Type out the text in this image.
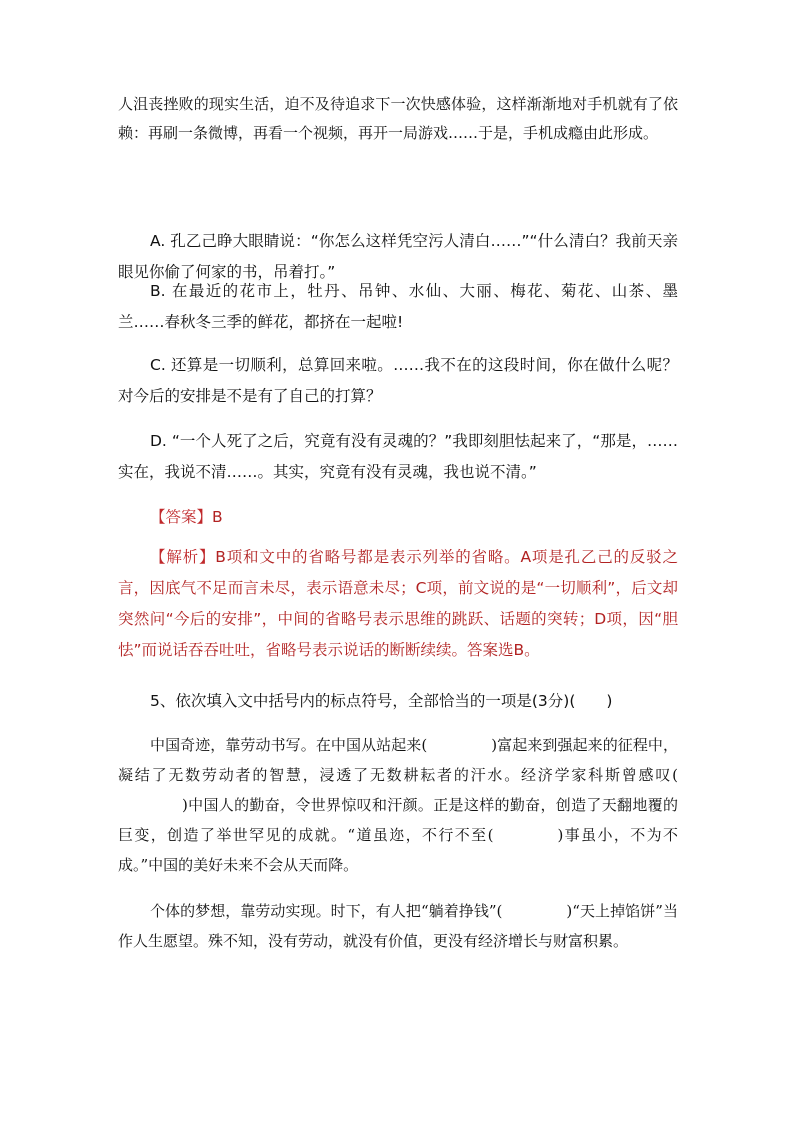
人沮丧挫败的现实生活，迫不及待追求下一次快感体验，这样渐渐地对手机就有了依赖：再刷一条微博，再看一个视频，再开一局游戏……于是，手机成瘾由此形成。

A. 孔乙己睁大眼睛说：“你怎么这样凭空污人清白……”“什么清白？我前天亲眼见你偷了何家的书，吊着打。”

B. 在最近的花市上，牡丹、吊钟、水仙、大丽、梅花、菊花、山茶、墨兰……春秋冬三季的鲜花，都挤在一起啦!

C. 还算是一切顺利，总算回来啦。……我不在的这段时间，你在做什么呢？对今后的安排是不是有了自己的打算？

D. “一个人死了之后，究竟有没有灵魂的？”我即刻胆怯起来了，“那是，……实在，我说不清……。其实，究竟有没有灵魂，我也说不清。”

【答案】B

【解析】B项和文中的省略号都是表示列举的省略。A项是孔乙己的反驳之言，因底气不足而言未尽，表示语意未尽；C项，前文说的是“一切顺利”，后文却突然问“今后的安排”，中间的省略号表示思维的跳跃、话题的突转；D项，因“胆怯”而说话吞吞吐吐，省略号表示说话的断断续续。答案选B。

5、依次填入文中括号内的标点符号，全部恰当的一项是(3分)(　　)

中国奇迹，靠劳动书写。在中国从站起来(	)富起来到强起来的征程中，凝结了无数劳动者的智慧，浸透了无数耕耘者的汗水。经济学家科斯曾感叹()中国人的勤奋，令世界惊叹和汗颜。正是这样的勤奋，创造了天翻地覆的巨变，创造了举世罕见的成就。“道虽迩，不行不至(	)事虽小，不为不成。”中国的美好未来不会从天而降。

个体的梦想，靠劳动实现。时下，有人把“躺着挣钱”(	)“天上掉馅饼”当作人生愿望。殊不知，没有劳动，就没有价值，更没有经济增长与财富积累。
